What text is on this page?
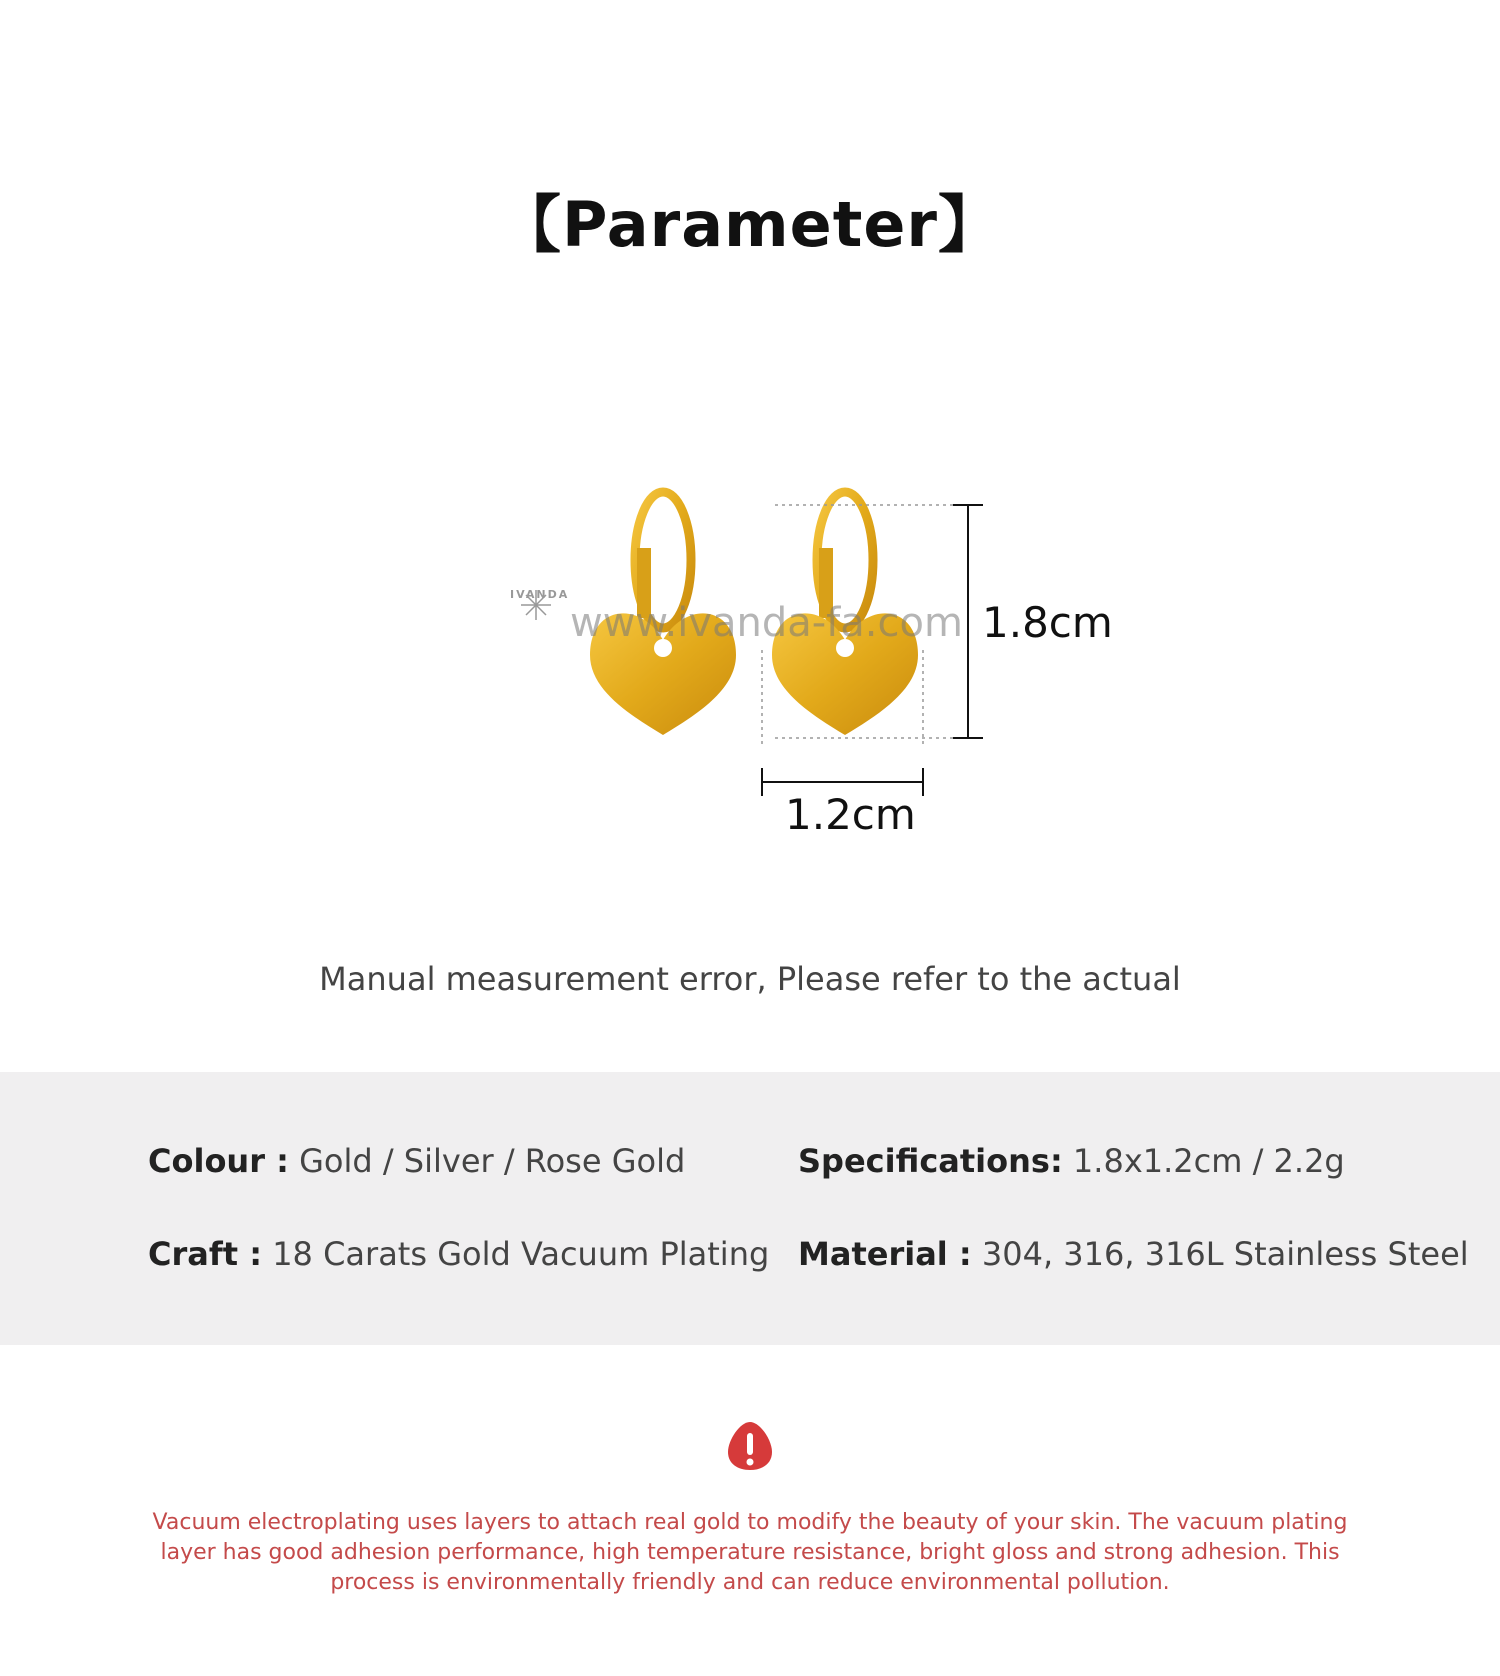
【Parameter】
IVANDA
www.ivanda-fa.com 1.8cm
1.2cm
Manual measurement error, Please refer to the actual
Colour : Gold / Silver / Rose Gold	Specifications: 1.8x1.2cm / 2.2g
Craft : 18 Carats Gold Vacuum Plating Material : 304, 316, 316L Stainless Steel
Vacuum electroplating uses layers to attach real gold to modify the beauty of your skin. The vacuum plating layer has good adhesion performance, high temperature resistance, bright gloss and strong adhesion. This process is environmentally friendly and can reduce environmental pollution.
